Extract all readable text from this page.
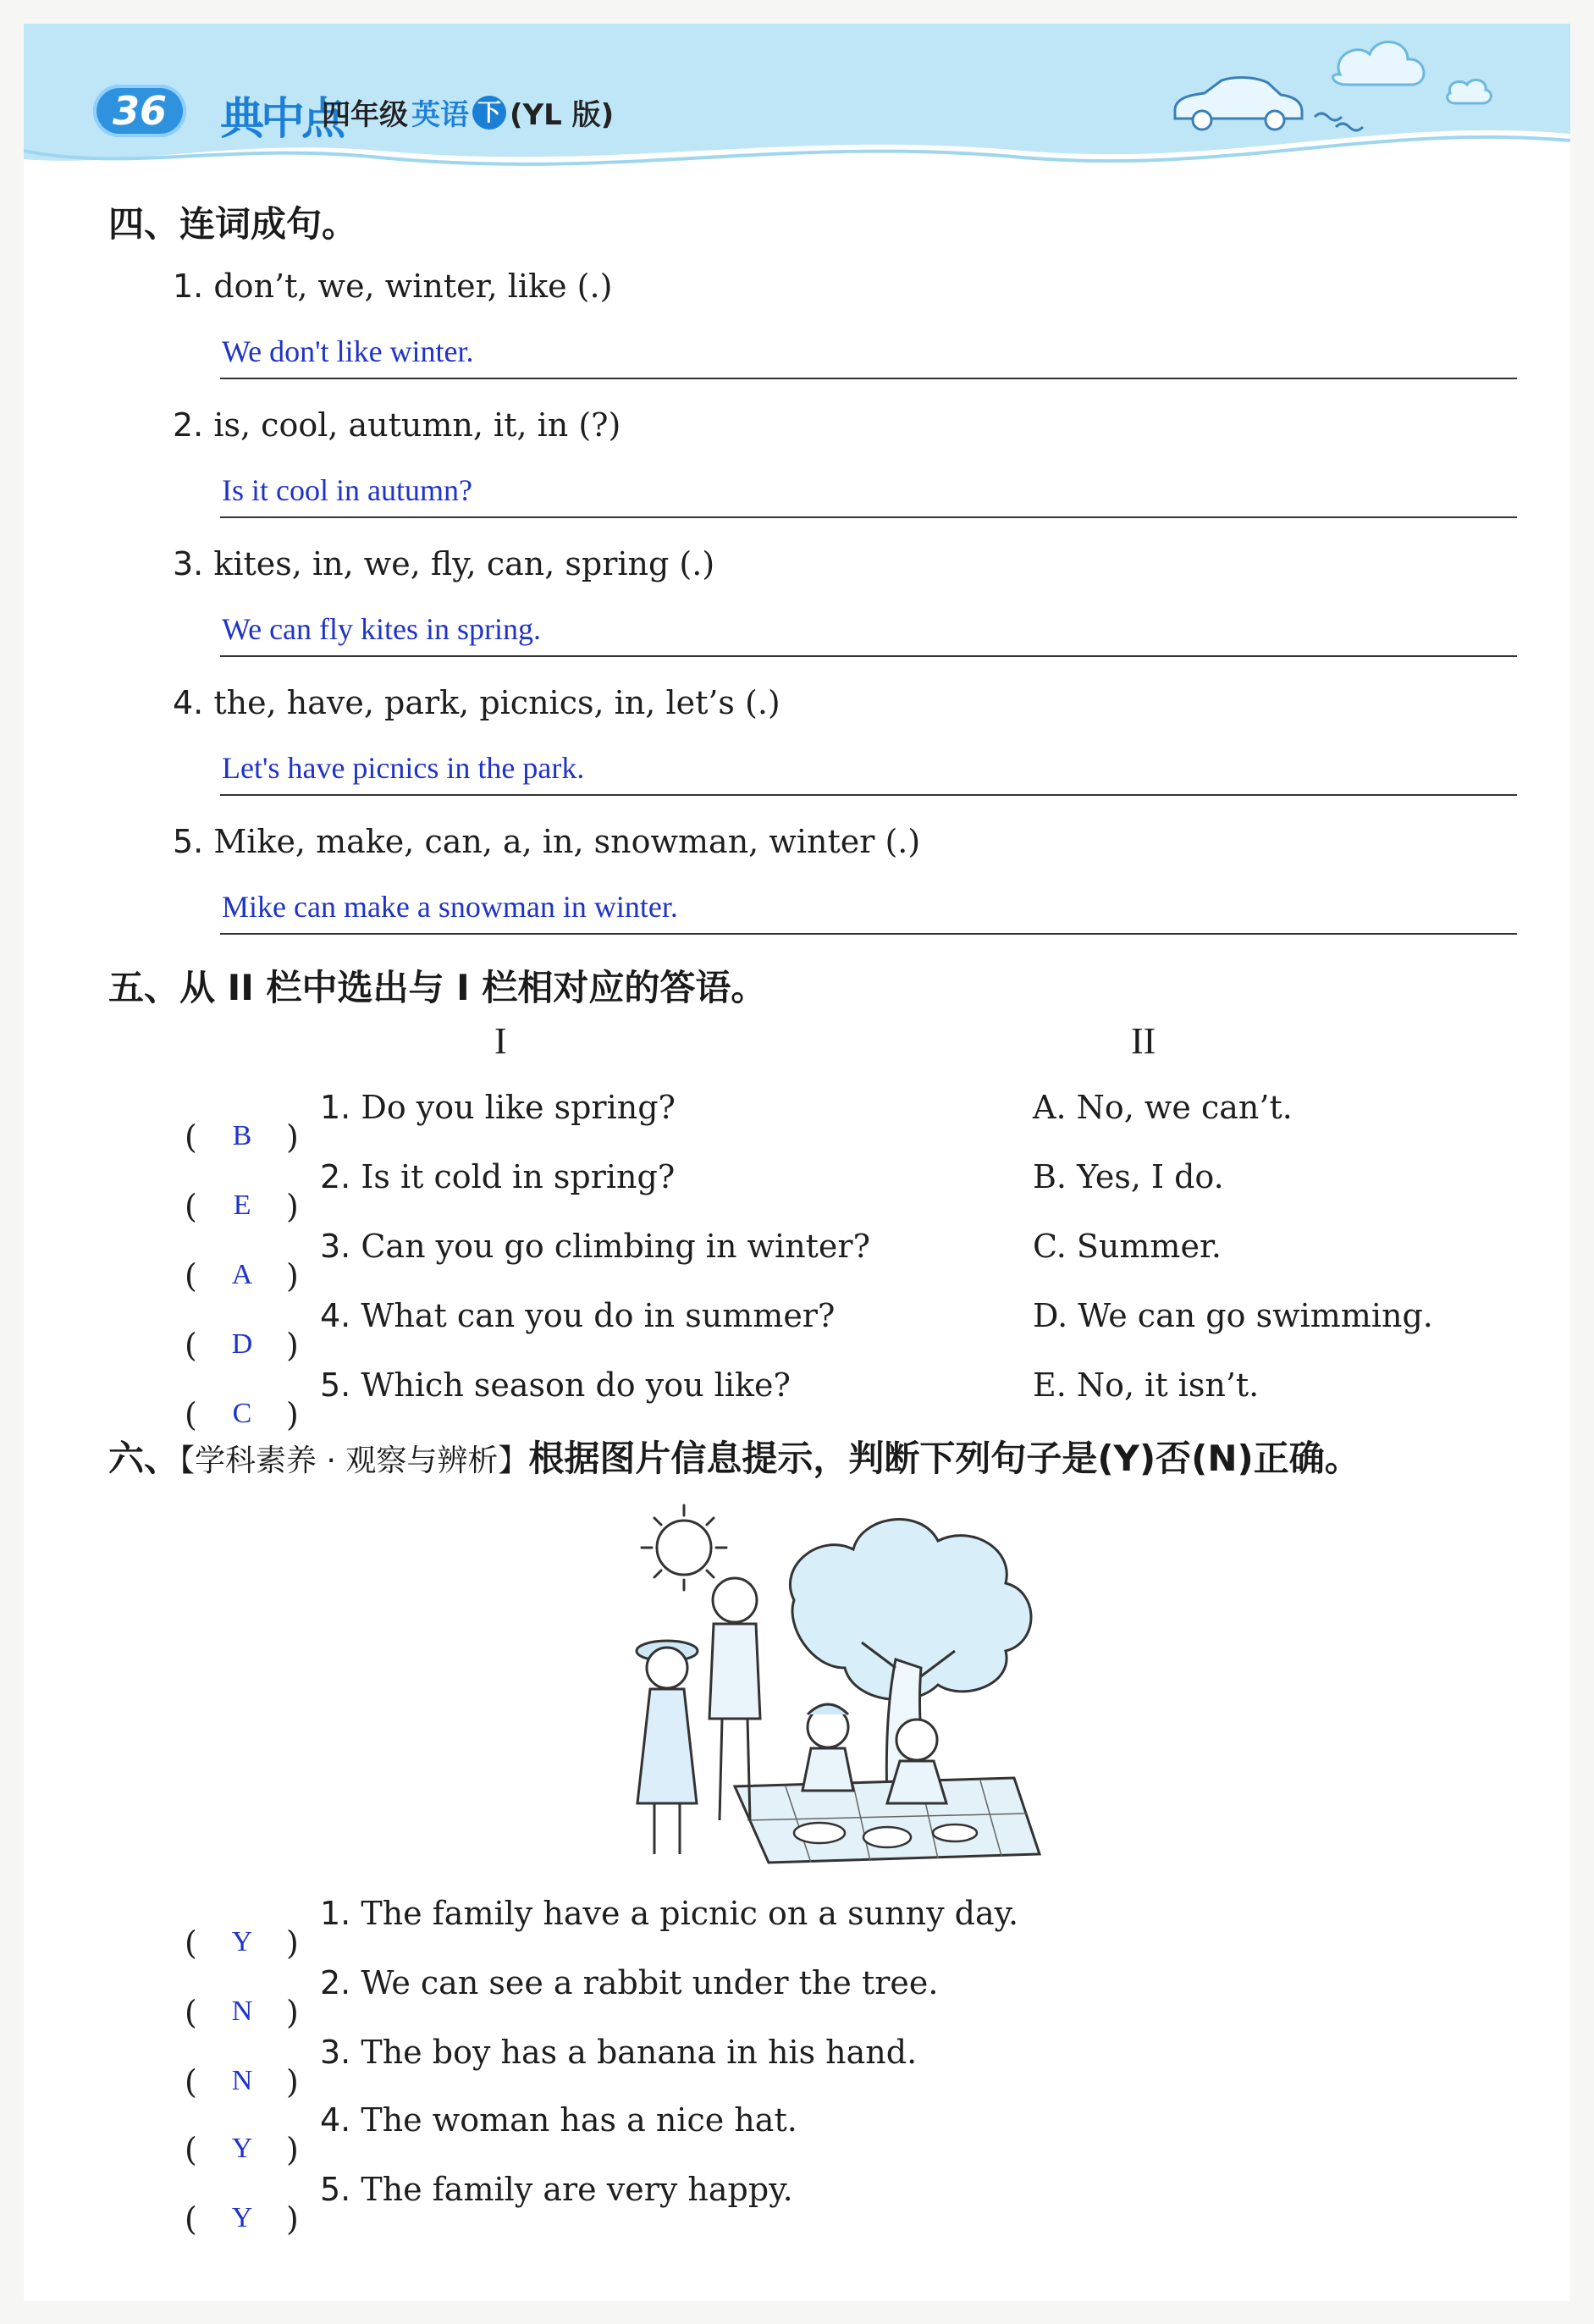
36	典中点
四年级 英语 下 (YL 版)
四、连词成句。
1. don’t, we, winter, like (.)
We don't like winter.
2. is, cool, autumn, it, in (?)
Is it cool in autumn?
3. kites, in, we, fly, can, spring (.)
We can fly kites in spring.
4. the, have, park, picnics, in, let’s (.)
Let's have picnics in the park.
5. Mike, make, can, a, in, snowman, winter (.)
Mike can make a snowman in winter.
五、从 II 栏中选出与 I 栏相对应的答语。
I	II
( B )
1. Do you like spring?	A. No, we can’t.
( E )
2. Is it cold in spring?	B. Yes, I do.
( A )
3. Can you go climbing in winter?	C. Summer.
( D )
4. What can you do in summer?	D. We can go swimming.
( C )
5. Which season do you like?	E. No, it isn’t.
六、【学科素养 · 观察与辨析】根据图片信息提示，判断下列句子是(Y)否(N)正确。
( Y )
1. The family have a picnic on a sunny day.
( N )
2. We can see a rabbit under the tree.
( N )
3. The boy has a banana in his hand.
( Y )
4. The woman has a nice hat.
( Y )
5. The family are very happy.
